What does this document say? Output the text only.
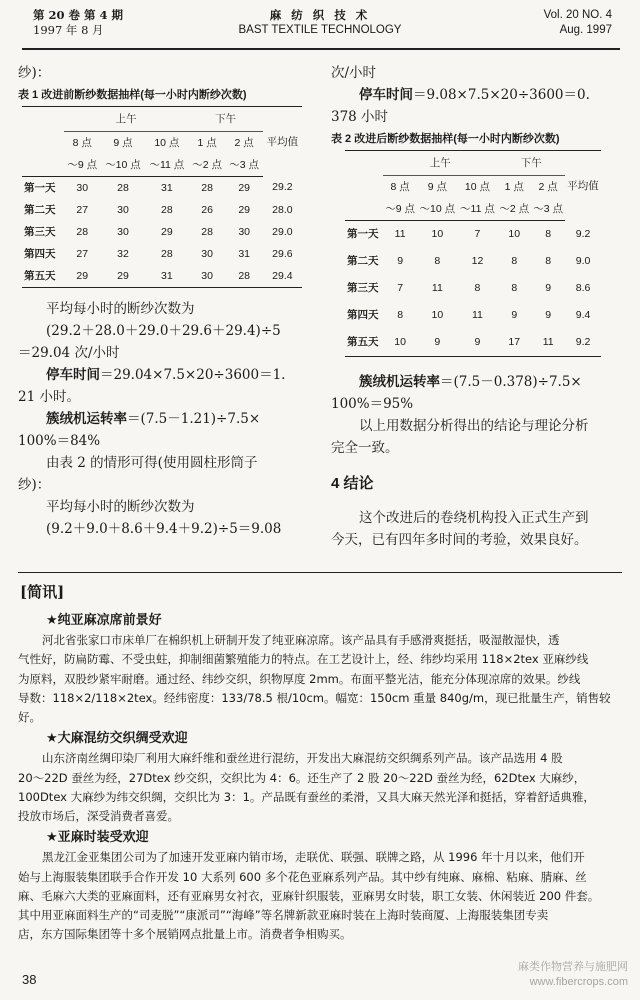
第 20 卷 第 4 期
1997 年 8 月
麻 纺 织 技 术
BAST TEXTILE TECHNOLOGY
Vol. 20 NO. 4
Aug. 1997

纱)：

表 1 改进前断纱数据抽样(每一小时内断纱次数)

	上午			下午		平均值
	8 点	9 点	10 点	1 点	2 点	
	～9 点	～10 点	～11 点	～2 点	～3 点	
第一天	30	28	31	28	29	29.2
第二天	27	30	28	26	29	28.0
第三天	28	30	29	28	30	29.0
第四天	27	32	28	30	31	29.6
第五天	29	29	31	30	28	29.4

平均每小时的断纱次数为

(29.2＋28.0＋29.0＋29.6＋29.4)÷5

＝29.04 次/小时

停车时间＝29.04×7.5×20÷3600＝1.

21 小时。

簇绒机运转率＝(7.5－1.21)÷7.5×

100%＝84%

由表 2 的情形可得(使用圆柱形筒子

纱)：

平均每小时的断纱次数为

(9.2＋9.0＋8.6＋9.4＋9.2)÷5＝9.08

次/小时

停车时间＝9.08×7.5×20÷3600＝0.

378 小时

表 2 改进后断纱数据抽样(每一小时内断纱次数)

	上午			下午		平均值
	8 点	9 点	10 点	1 点	2 点	
	～9 点	～10 点	～11 点	～2 点	～3 点	
第一天	11	10	7	10	8	9.2
第二天	9	8	12	8	8	9.0
第三天	7	11	8	8	9	8.6
第四天	8	10	11	9	9	9.4
第五天	10	9	9	17	11	9.2

簇绒机运转率＝(7.5－0.378)÷7.5×

100%＝95%

以上用数据分析得出的结论与理论分析

完全一致。

4 结论

这个改进后的卷绕机构投入正式生产到

今天，已有四年多时间的考验，效果良好。

[简讯]

★纯亚麻凉席前景好

河北省张家口市床单厂在棉织机上研制开发了纯亚麻凉席。该产品具有手感滑爽挺括，吸湿散湿快，透

气性好，防扁防霉、不受虫蛀，抑制细菌繁殖能力的特点。在工艺设计上，经、纬纱均采用 118×2tex 亚麻纱线

为原料，双股纱紧牢耐磨。通过经、纬纱交织，织物厚度 2mm。布面平整光洁，能充分体现凉席的效果。纱线

导数：118×2/118×2tex。经纬密度：133/78.5 根/10cm。幅宽：150cm 重量 840g/m，现已批量生产，销售较

好。

★大麻混纺交织绸受欢迎

山东济南丝绸印染厂利用大麻纤维和蚕丝进行混纺，开发出大麻混纺交织绸系列产品。该产品选用 4 股

20～22D 蚕丝为经，27Dtex 纱交织，交织比为 4：6。还生产了 2 股 20～22D 蚕丝为经，62Dtex 大麻纱，

100Dtex 大麻纱为纬交织绸，交织比为 3：1。产品既有蚕丝的柔滑，又具大麻天然光泽和挺括，穿着舒适典雅，

投放市场后，深受消费者喜爱。

★亚麻时装受欢迎

黑龙江金亚集团公司为了加速开发亚麻内销市场，走联优、联强、联牌之路，从 1996 年十月以来，他们开

始与上海服装集团联手合作开发 10 大系列 600 多个花色亚麻系列产品。其中纱有纯麻、麻棉、粘麻、腈麻、丝

麻、毛麻六大类的亚麻面料，还有亚麻男女衬衣，亚麻针织服装，亚麻男女时装，职工女装、休闲装近 200 件套。

其中用亚麻面料生产的“司麦脱”“康派司”“海峰”等名牌新款亚麻时装在上海时装商厦、上海服装集团专卖

店，东方国际集团等十多个展销网点批量上市。消费者争相购买。

38
麻类作物营养与施肥网
www.fibercrops.com
